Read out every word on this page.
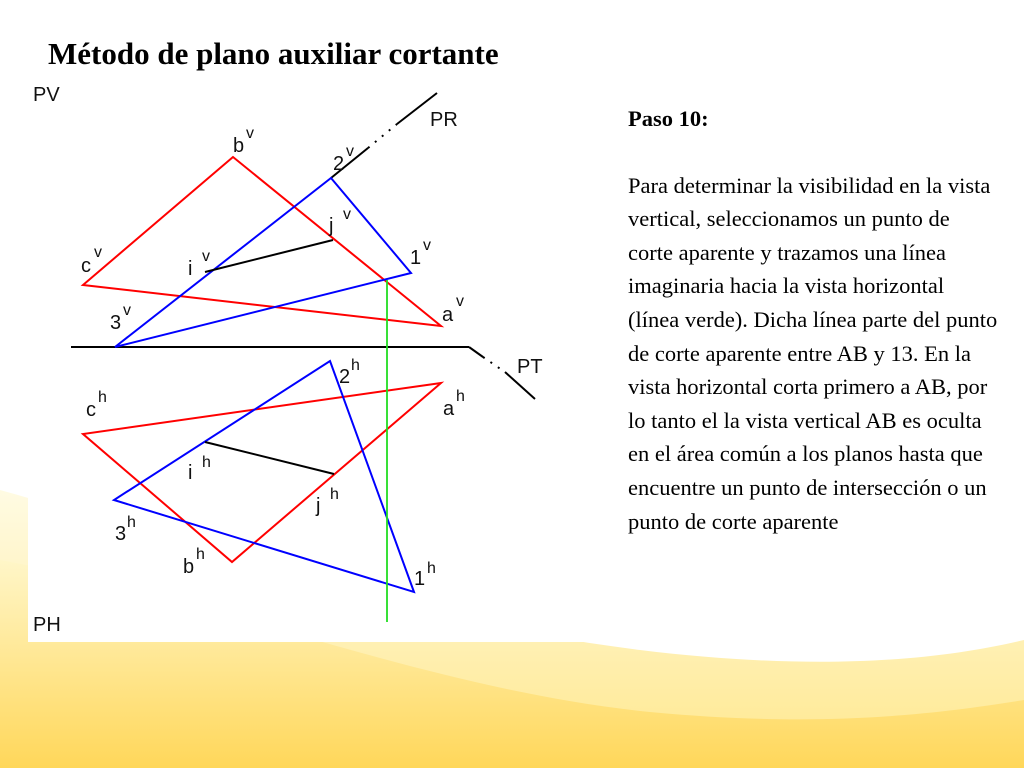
Método de plano auxiliar cortante
PV
PH
PR
PT
b
v
c
v
a
v
2
v
1
v
3
v
i
v
j
v
c
h
a
h
2
h
i h
j
h
3
h
b
h
1 h

Paso 10:

Para determinar la visibilidad en la vista vertical, seleccionamos un punto de corte aparente y trazamos una línea imaginaria hacia la vista horizontal (línea verde). Dicha línea parte del punto de corte aparente entre AB y 13. En la vista horizontal corta primero a AB, por lo tanto el la vista vertical AB es oculta en el área común a los planos hasta que encuentre un punto de intersección o un punto de corte aparente
